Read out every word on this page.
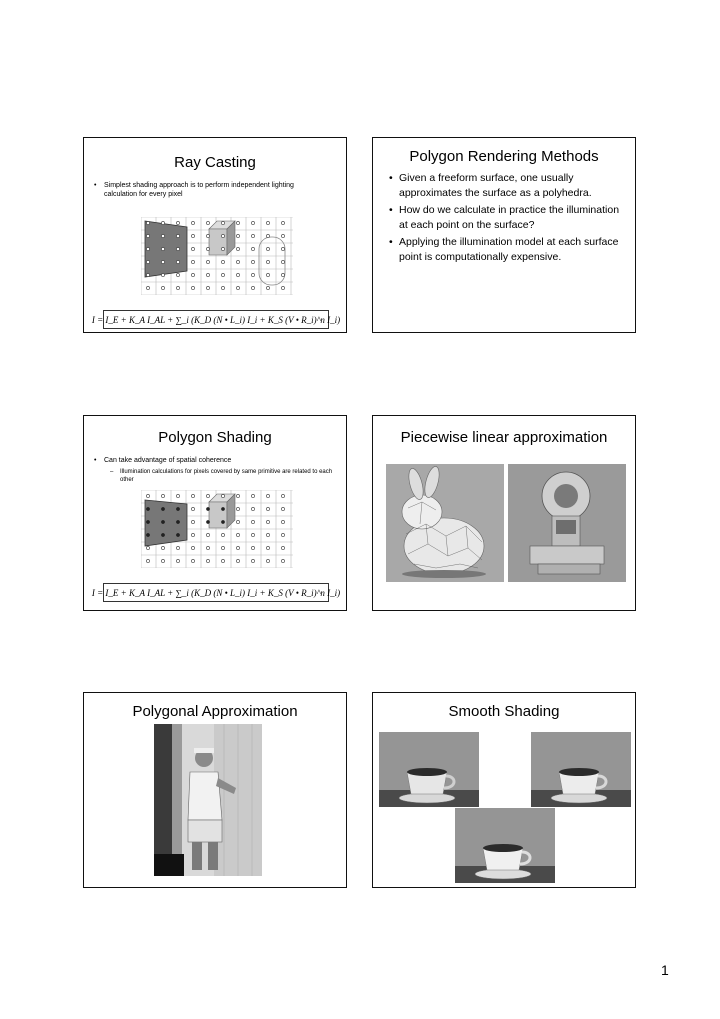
Ray Casting
• Simplest shading approach is to perform independent lighting calculation for every pixel
I = I_E + K_A I_AL + ∑_i (K_D (N • L_i) I_i + K_S (V • R_i)^n I_i)
Polygon Rendering Methods
• Given a freeform surface, one usually approximates the surface as a polyhedra.
• How do we calculate in practice the illumination at each point on the surface?
• Applying the illumination model at each surface point is computationally expensive.
Polygon Shading
• Can take advantage of spatial coherence
– Illumination calculations for pixels covered by same primitive are related to each other
I = I_E + K_A I_AL + ∑_i (K_D (N • L_i) I_i + K_S (V • R_i)^n I_i)
Piecewise linear approximation
Polygonal Approximation	Smooth Shading
1
